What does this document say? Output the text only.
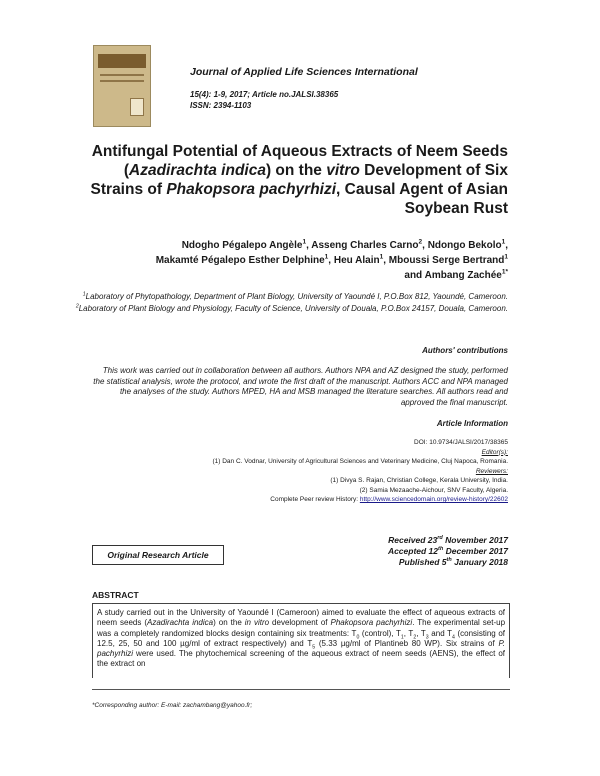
Journal of Applied Life Sciences International
15(4): 1-9, 2017; Article no.JALSI.38365
ISSN: 2394-1103
Antifungal Potential of Aqueous Extracts of Neem Seeds (Azadirachta indica) on the vitro Development of Six Strains of Phakopsora pachyrhizi, Causal Agent of Asian Soybean Rust
Ndogho Pégalepo Angèle$^1$, Asseng Charles Carno$^2$, Ndongo Bekolo$^1$,
Makamté Pégalepo Esther Delphine$^1$, Heu Alain$^1$, Mboussi Serge Bertrand$^1$
and Ambang Zachée$^{1*}$
$^1$Laboratory of Phytopathology, Department of Plant Biology, University of Yaoundé I, P.O.Box 812, Yaoundé, Cameroon.
$^2$Laboratory of Plant Biology and Physiology, Faculty of Science, University of Douala, P.O.Box 24157, Douala, Cameroon.
Authors' contributions
This work was carried out in collaboration between all authors. Authors NPA and AZ designed the study, performed the statistical analysis, wrote the protocol, and wrote the first draft of the manuscript. Authors ACC and NPA managed the analyses of the study. Authors MPED, HA and MSB managed the literature searches. All authors read and approved the final manuscript.
Article Information
DOI: 10.9734/JALSI/2017/38365
Editor(s):
(1) Dan C. Vodnar, University of Agricultural Sciences and Veterinary Medicine, Cluj Napoca, Romania.
Reviewers:
(1) Divya S. Rajan, Christian College, Kerala University, India.
(2) Samia Mezaache-Aichour, SNV Faculty, Algeria.
Complete Peer review History: http://www.sciencedomain.org/review-history/22602
Received 23rd November 2017
Accepted 12th December 2017
Published 5th January 2018
Original Research Article
ABSTRACT
A study carried out in the University of Yaoundé I (Cameroon) aimed to evaluate the effect of aqueous extracts of neem seeds (Azadirachta indica) on the in vitro development of Phakopsora pachyrhizi. The experimental set-up was a completely randomized blocks design containing six treatments: $T_0$ (control), $T_1$, $T_2$, $T_3$ and $T_4$ (consisting of 12.5, 25, 50 and 100 µg/ml of extract respectively) and $T_5$ (5.33 µg/ml of Plantineb 80 WP). Six strains of P. pachyrhizi were used. The phytochemical screening of the aqueous extract of neem seeds (AENS), the effect of the extract on
*Corresponding author: E-mail: zachambang@yahoo.fr;
